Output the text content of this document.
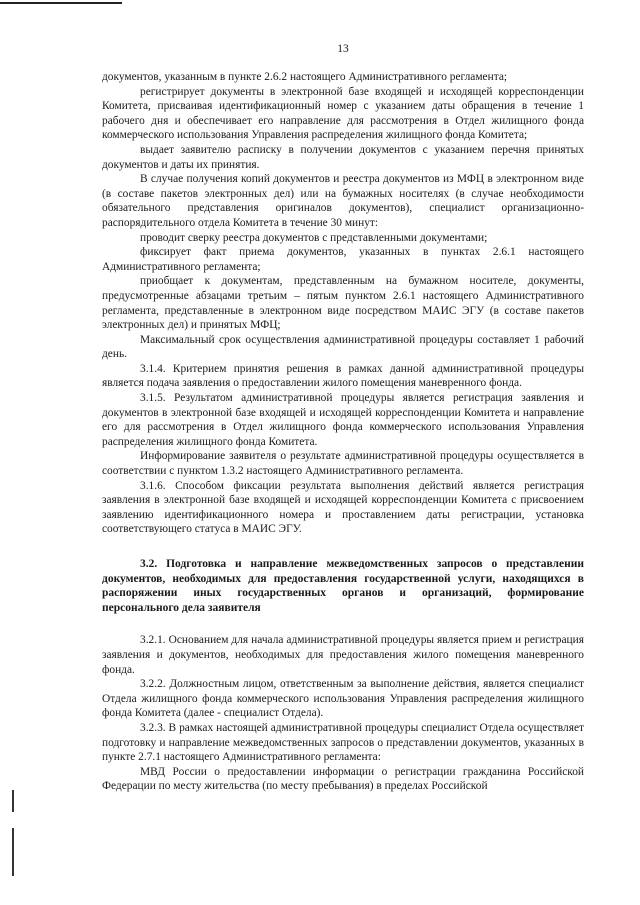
13

документов, указанным в пункте 2.6.2 настоящего Административного регламента;

регистрирует документы в электронной базе входящей и исходящей корреспонденции Комитета, присваивая идентификационный номер с указанием даты обращения в течение 1 рабочего дня и обеспечивает его направление для рассмотрения в Отдел жилищного фонда коммерческого использования Управления распределения жилищного фонда Комитета;

выдает заявителю расписку в получении документов с указанием перечня принятых документов и даты их принятия.

В случае получения копий документов и реестра документов из МФЦ в электронном виде (в составе пакетов электронных дел) или на бумажных носителях (в случае необходимости обязательного представления оригиналов документов), специалист организационно-распорядительного отдела Комитета в течение 30 минут:

проводит сверку реестра документов с представленными документами;

фиксирует факт приема документов, указанных в пунктах 2.6.1 настоящего Административного регламента;

приобщает к документам, представленным на бумажном носителе, документы, предусмотренные абзацами третьим – пятым пунктом 2.6.1 настоящего Административного регламента, представленные в электронном виде посредством МАИС ЭГУ (в составе пакетов электронных дел) и принятых МФЦ;

Максимальный срок осуществления административной процедуры составляет 1 рабочий день.

3.1.4. Критерием принятия решения в рамках данной административной процедуры является подача заявления о предоставлении жилого помещения маневренного фонда.

3.1.5. Результатом административной процедуры является регистрация заявления и документов в электронной базе входящей и исходящей корреспонденции Комитета и направление его для рассмотрения в Отдел жилищного фонда коммерческого использования Управления распределения жилищного фонда Комитета.

Информирование заявителя о результате административной процедуры осуществляется в соответствии с пунктом 1.3.2 настоящего Административного регламента.

3.1.6. Способом фиксации результата выполнения действий является регистрация заявления в электронной базе входящей и исходящей корреспонденции Комитета с присвоением заявлению идентификационного номера и проставлением даты регистрации, установка соответствующего статуса в МАИС ЭГУ.

3.2. Подготовка и направление межведомственных запросов о представлении документов, необходимых для предоставления государственной услуги, находящихся в распоряжении иных государственных органов и организаций, формирование персонального дела заявителя

3.2.1. Основанием для начала административной процедуры является прием и регистрация заявления и документов, необходимых для предоставления жилого помещения маневренного фонда.

3.2.2. Должностным лицом, ответственным за выполнение действия, является специалист Отдела жилищного фонда коммерческого использования Управления распределения жилищного фонда Комитета (далее - специалист Отдела).

3.2.3. В рамках настоящей административной процедуры специалист Отдела осуществляет подготовку и направление межведомственных запросов о представлении документов, указанных в пункте 2.7.1 настоящего Административного регламента:

МВД России о предоставлении информации о регистрации гражданина Российской Федерации по месту жительства (по месту пребывания) в пределах Российской
